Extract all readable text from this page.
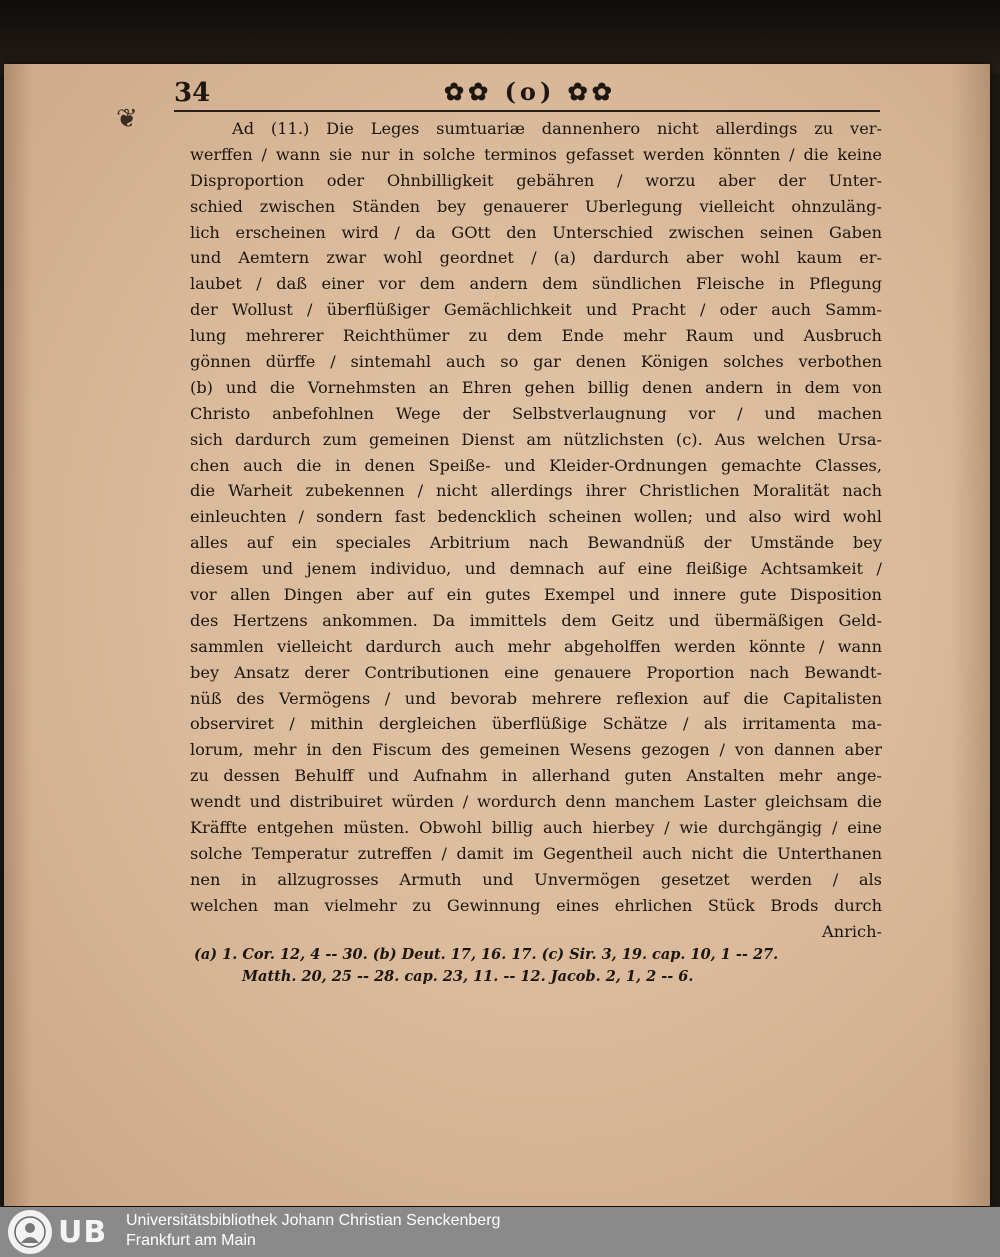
34	✿✿ (o) ✿✿
❦	Ad (11.) Die Leges sumtuariæ dannenhero nicht allerdings zu ver-
werffen / wann sie nur in solche terminos gefasset werden könnten / die keine
Disproportion oder Ohnbilligkeit gebähren / worzu aber der Unter-
schied zwischen Ständen bey genauerer Uberlegung vielleicht ohnzuläng-
lich erscheinen wird / da GOtt den Unterschied zwischen seinen Gaben
und Aemtern zwar wohl geordnet / (a) dardurch aber wohl kaum er-
laubet / daß einer vor dem andern dem sündlichen Fleische in Pflegung
der Wollust / überflüßiger Gemächlichkeit und Pracht / oder auch Samm-
lung mehrerer Reichthümer zu dem Ende mehr Raum und Ausbruch
gönnen dürffe / sintemahl auch so gar denen Königen solches verbothen
(b) und die Vornehmsten an Ehren gehen billig denen andern in dem von
Christo anbefohlnen Wege der Selbstverlaugnung vor / und machen
sich dardurch zum gemeinen Dienst am nützlichsten (c). Aus welchen Ursa-
chen auch die in denen Speiße- und Kleider-Ordnungen gemachte Classes,
die Warheit zubekennen / nicht allerdings ihrer Christlichen Moralität nach
einleuchten / sondern fast bedencklich scheinen wollen; und also wird wohl
alles auf ein speciales Arbitrium nach Bewandnüß der Umstände bey
diesem und jenem individuo, und demnach auf eine fleißige Achtsamkeit /
vor allen Dingen aber auf ein gutes Exempel und innere gute Disposition
des Hertzens ankommen. Da immittels dem Geitz und übermäßigen Geld-
sammlen vielleicht dardurch auch mehr abgeholffen werden könnte / wann
bey Ansatz derer Contributionen eine genauere Proportion nach Bewandt-
nüß des Vermögens / und bevorab mehrere reflexion auf die Capitalisten
observiret / mithin dergleichen überflüßige Schätze / als irritamenta ma-
lorum, mehr in den Fiscum des gemeinen Wesens gezogen / von dannen aber
zu dessen Behulff und Aufnahm in allerhand guten Anstalten mehr ange-
wendt und distribuiret würden / wordurch denn manchem Laster gleichsam die
Kräffte entgehen müsten. Obwohl billig auch hierbey / wie durchgängig / eine
solche Temperatur zutreffen / damit im Gegentheil auch nicht die Unterthanen
nen in allzugrosses Armuth und Unvermögen gesetzet werden / als
welchen man vielmehr zu Gewinnung eines ehrlichen Stück Brods durch
Anrich-
(a) 1. Cor. 12, 4 -- 30. (b) Deut. 17, 16. 17. (c) Sir. 3, 19. cap. 10, 1 -- 27.
Matth. 20, 25 -- 28. cap. 23, 11. -- 12. Jacob. 2, 1, 2 -- 6.
UB Universitätsbibliothek Johann Christian Senckenberg
Frankfurt am Main
